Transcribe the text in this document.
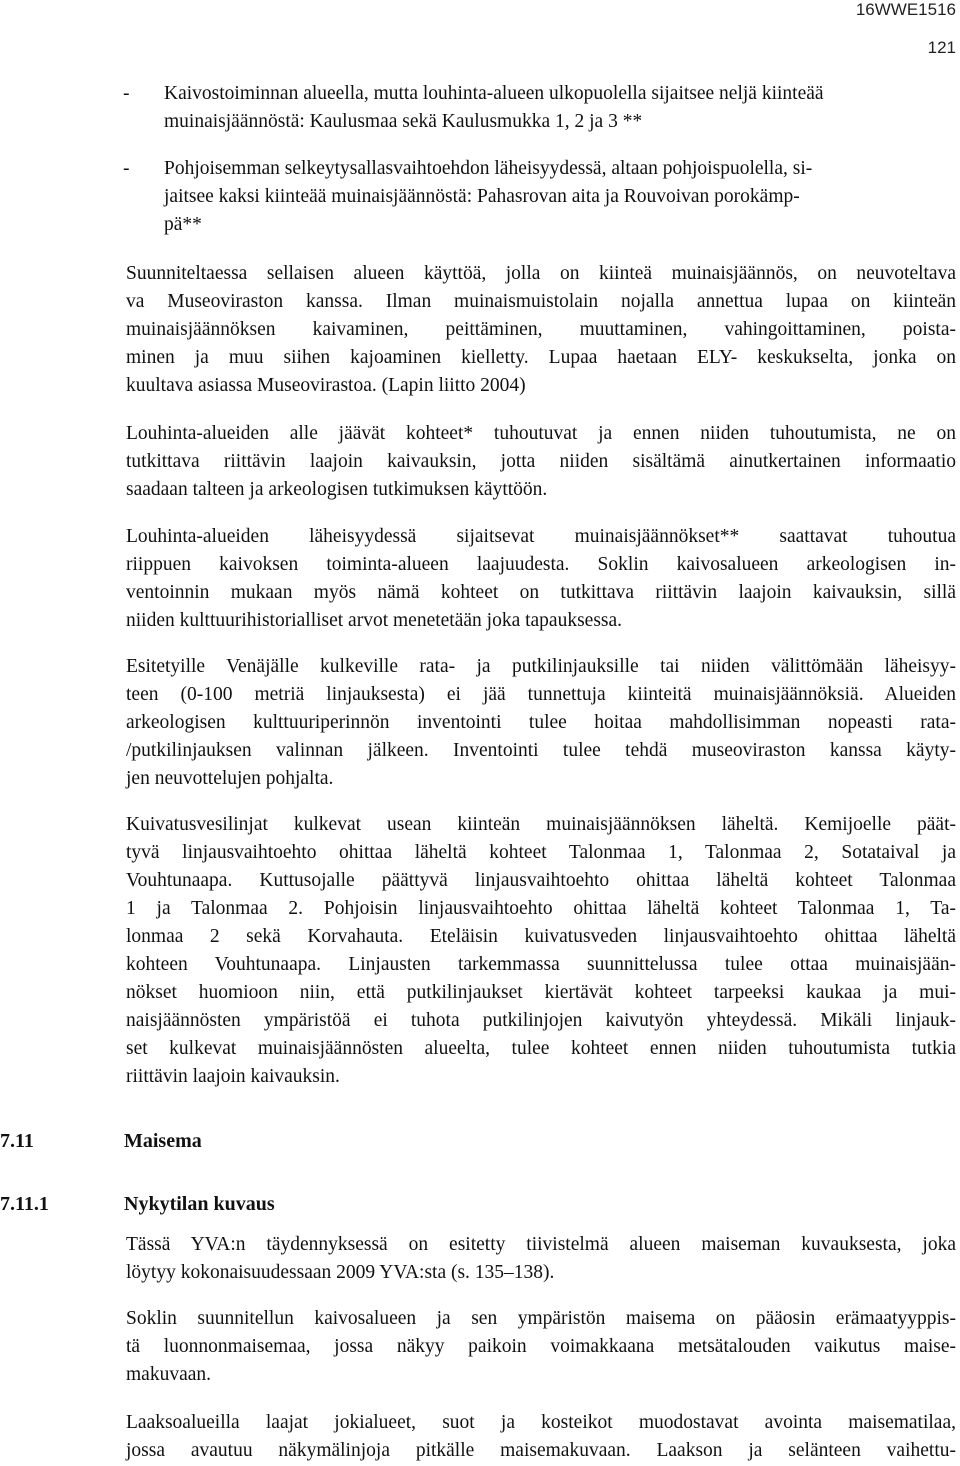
16WWE1516
121
-	Kaivostoiminnan alueella, mutta louhinta-alueen ulkopuolella sijaitsee neljä kiinteää
muinaisjäännöstä: Kaulusmaa sekä Kaulusmukka 1, 2 ja 3 **
-	Pohjoisemman selkeytysallasvaihtoehdon läheisyydessä, altaan pohjoispuolella, si-
jaitsee kaksi kiinteää muinaisjäännöstä: Pahasrovan aita ja Rouvoivan porokämp-
pä**
Suunniteltaessa sellaisen alueen käyttöä, jolla on kiinteä muinaisjäännös, on neuvoteltava
va Museoviraston kanssa. Ilman muinaismuistolain nojalla annettua lupaa on kiinteän
muinaisjäännöksen kaivaminen, peittäminen, muuttaminen, vahingoittaminen, poista-
minen ja muu siihen kajoaminen kielletty. Lupaa haetaan ELY- keskukselta, jonka on
kuultava asiassa Museovirastoa. (Lapin liitto 2004)
Louhinta-alueiden alle jäävät kohteet* tuhoutuvat ja ennen niiden tuhoutumista, ne on
tutkittava riittävin laajoin kaivauksin, jotta niiden sisältämä ainutkertainen informaatio
saadaan talteen ja arkeologisen tutkimuksen käyttöön.
Louhinta-alueiden läheisyydessä sijaitsevat muinaisjäännökset** saattavat tuhoutua
riippuen kaivoksen toiminta-alueen laajuudesta. Soklin kaivosalueen arkeologisen in-
ventoinnin mukaan myös nämä kohteet on tutkittava riittävin laajoin kaivauksin, sillä
niiden kulttuurihistorialliset arvot menetetään joka tapauksessa.
Esitetyille Venäjälle kulkeville rata- ja putkilinjauksille tai niiden välittömään läheisyy-
teen (0-100 metriä linjauksesta) ei jää tunnettuja kiinteitä muinaisjäännöksiä. Alueiden
arkeologisen kulttuuriperinnön inventointi tulee hoitaa mahdollisimman nopeasti rata-
/putkilinjauksen valinnan jälkeen. Inventointi tulee tehdä museoviraston kanssa käyty-
jen neuvottelujen pohjalta.
Kuivatusvesilinjat kulkevat usean kiinteän muinaisjäännöksen läheltä. Kemijoelle päät-
tyvä linjausvaihtoehto ohittaa läheltä kohteet Talonmaa 1, Talonmaa 2, Sotataival ja
Vouhtunaapa. Kuttusojalle päättyvä linjausvaihtoehto ohittaa läheltä kohteet Talonmaa
1 ja Talonmaa 2. Pohjoisin linjausvaihtoehto ohittaa läheltä kohteet Talonmaa 1, Ta-
lonmaa 2 sekä Korvahauta. Eteläisin kuivatusveden linjausvaihtoehto ohittaa läheltä
kohteen Vouhtunaapa. Linjausten tarkemmassa suunnittelussa tulee ottaa muinaisjään-
nökset huomioon niin, että putkilinjaukset kiertävät kohteet tarpeeksi kaukaa ja mui-
naisjäännösten ympäristöä ei tuhota putkilinjojen kaivutyön yhteydessä. Mikäli linjauk-
set kulkevat muinaisjäännösten alueelta, tulee kohteet ennen niiden tuhoutumista tutkia
riittävin laajoin kaivauksin.
7.11	Maisema
7.11.1	Nykytilan kuvaus
Tässä YVA:n täydennyksessä on esitetty tiivistelmä alueen maiseman kuvauksesta, joka
löytyy kokonaisuudessaan 2009 YVA:sta (s. 135–138).
Soklin suunnitellun kaivosalueen ja sen ympäristön maisema on pääosin erämaatyyppis-
tä luonnonmaisemaa, jossa näkyy paikoin voimakkaana metsätalouden vaikutus maise-
makuvaan.
Laaksoalueilla laajat jokialueet, suot ja kosteikot muodostavat avointa maisematilaa,
jossa avautuu näkymälinjoja pitkälle maisemakuvaan. Laakson ja selänteen vaihettu-
